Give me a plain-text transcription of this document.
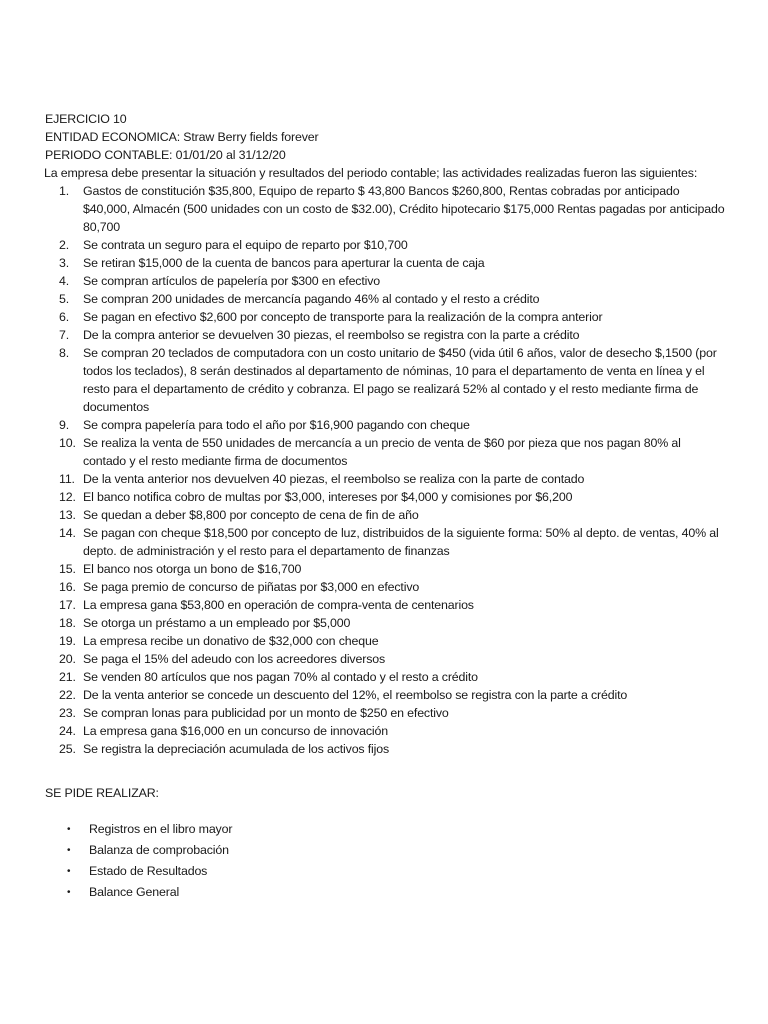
EJERCICIO 10

ENTIDAD ECONOMICA: Straw Berry fields forever

PERIODO CONTABLE: 01/01/20 al 31/12/20

La empresa debe presentar la situación y resultados del periodo contable; las actividades realizadas fueron las siguientes:

1. Gastos de constitución $35,800, Equipo de reparto $ 43,800 Bancos $260,800, Rentas cobradas por anticipado $40,000, Almacén (500 unidades con un costo de $32.00), Crédito hipotecario $175,000 Rentas pagadas por anticipado 80,700
2. Se contrata un seguro para el equipo de reparto por $10,700
3. Se retiran $15,000 de la cuenta de bancos para aperturar la cuenta de caja
4. Se compran artículos de papelería por $300 en efectivo
5. Se compran 200 unidades de mercancía pagando 46% al contado y el resto a crédito
6. Se pagan en efectivo $2,600 por concepto de transporte para la realización de la compra anterior
7. De la compra anterior se devuelven 30 piezas, el reembolso se registra con la parte a crédito
8. Se compran 20 teclados de computadora con un costo unitario de $450 (vida útil 6 años, valor de desecho $,1500 (por todos los teclados), 8 serán destinados al departamento de nóminas, 10 para el departamento de venta en línea y el resto para el departamento de crédito y cobranza. El pago se realizará 52% al contado y el resto mediante firma de documentos
9. Se compra papelería para todo el año por $16,900 pagando con cheque
10. Se realiza la venta de 550 unidades de mercancía a un precio de venta de $60 por pieza que nos pagan 80% al contado y el resto mediante firma de documentos
11. De la venta anterior nos devuelven 40 piezas, el reembolso se realiza con la parte de contado
12. El banco notifica cobro de multas por $3,000, intereses por $4,000 y comisiones por $6,200
13. Se quedan a deber $8,800 por concepto de cena de fin de año
14. Se pagan con cheque $18,500 por concepto de luz, distribuidos de la siguiente forma: 50% al depto. de ventas, 40% al depto. de administración y el resto para el departamento de finanzas
15. El banco nos otorga un bono de $16,700
16. Se paga premio de concurso de piñatas por $3,000 en efectivo
17. La empresa gana $53,800 en operación de compra-venta de centenarios
18. Se otorga un préstamo a un empleado por $5,000
19. La empresa recibe un donativo de $32,000 con cheque
20. Se paga el 15% del adeudo con los acreedores diversos
21. Se venden 80 artículos que nos pagan 70% al contado y el resto a crédito
22. De la venta anterior se concede un descuento del 12%, el reembolso se registra con la parte a crédito
23. Se compran lonas para publicidad por un monto de $250 en efectivo
24. La empresa gana $16,000 en un concurso de innovación
25. Se registra la depreciación acumulada de los activos fijos

SE PIDE REALIZAR:

• Registros en el libro mayor
• Balanza de comprobación
• Estado de Resultados
• Balance General
